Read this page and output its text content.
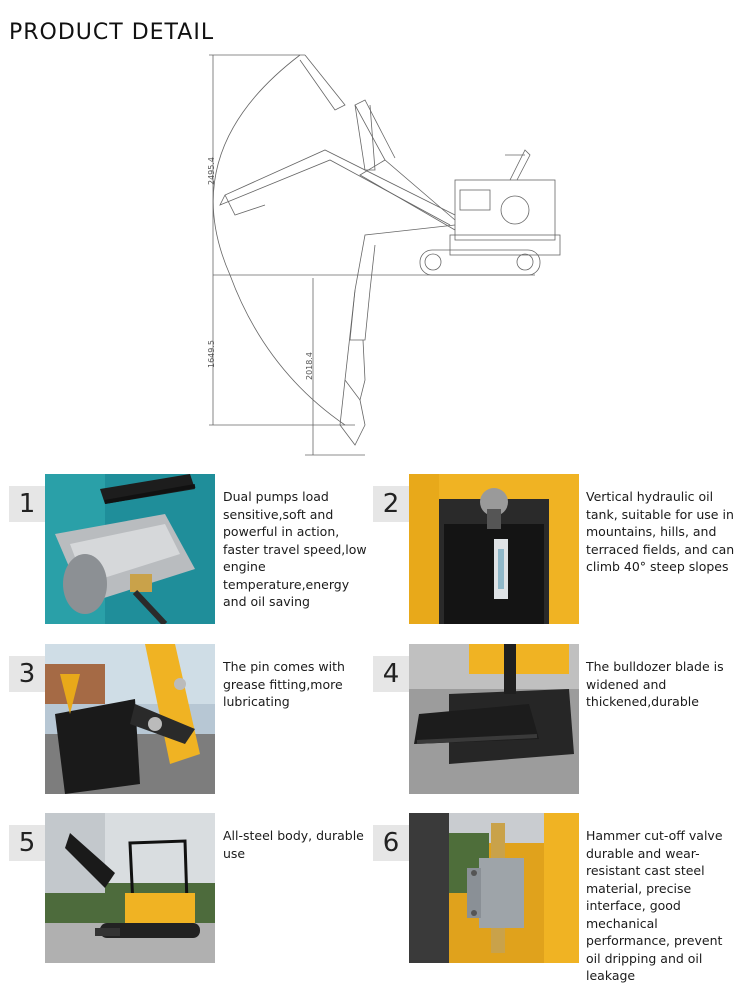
PRODUCT DETAIL
2495.4
1649.5	2018.4
1	Dual pumps load sensitive,soft and powerful in action, faster travel speed,low engine temperature,energy and oil saving
2	Vertical hydraulic oil tank, suitable for use in mountains, hills, and terraced fields, and can climb 40° steep slopes
3	The pin comes with grease fitting,more lubricating
4	The bulldozer blade is widened and thickened,durable
5	All-steel body, durable use	6	Hammer cut-off valve durable and wear-resistant cast steel material, precise interface, good mechanical performance, prevent oil dripping and oil leakage
